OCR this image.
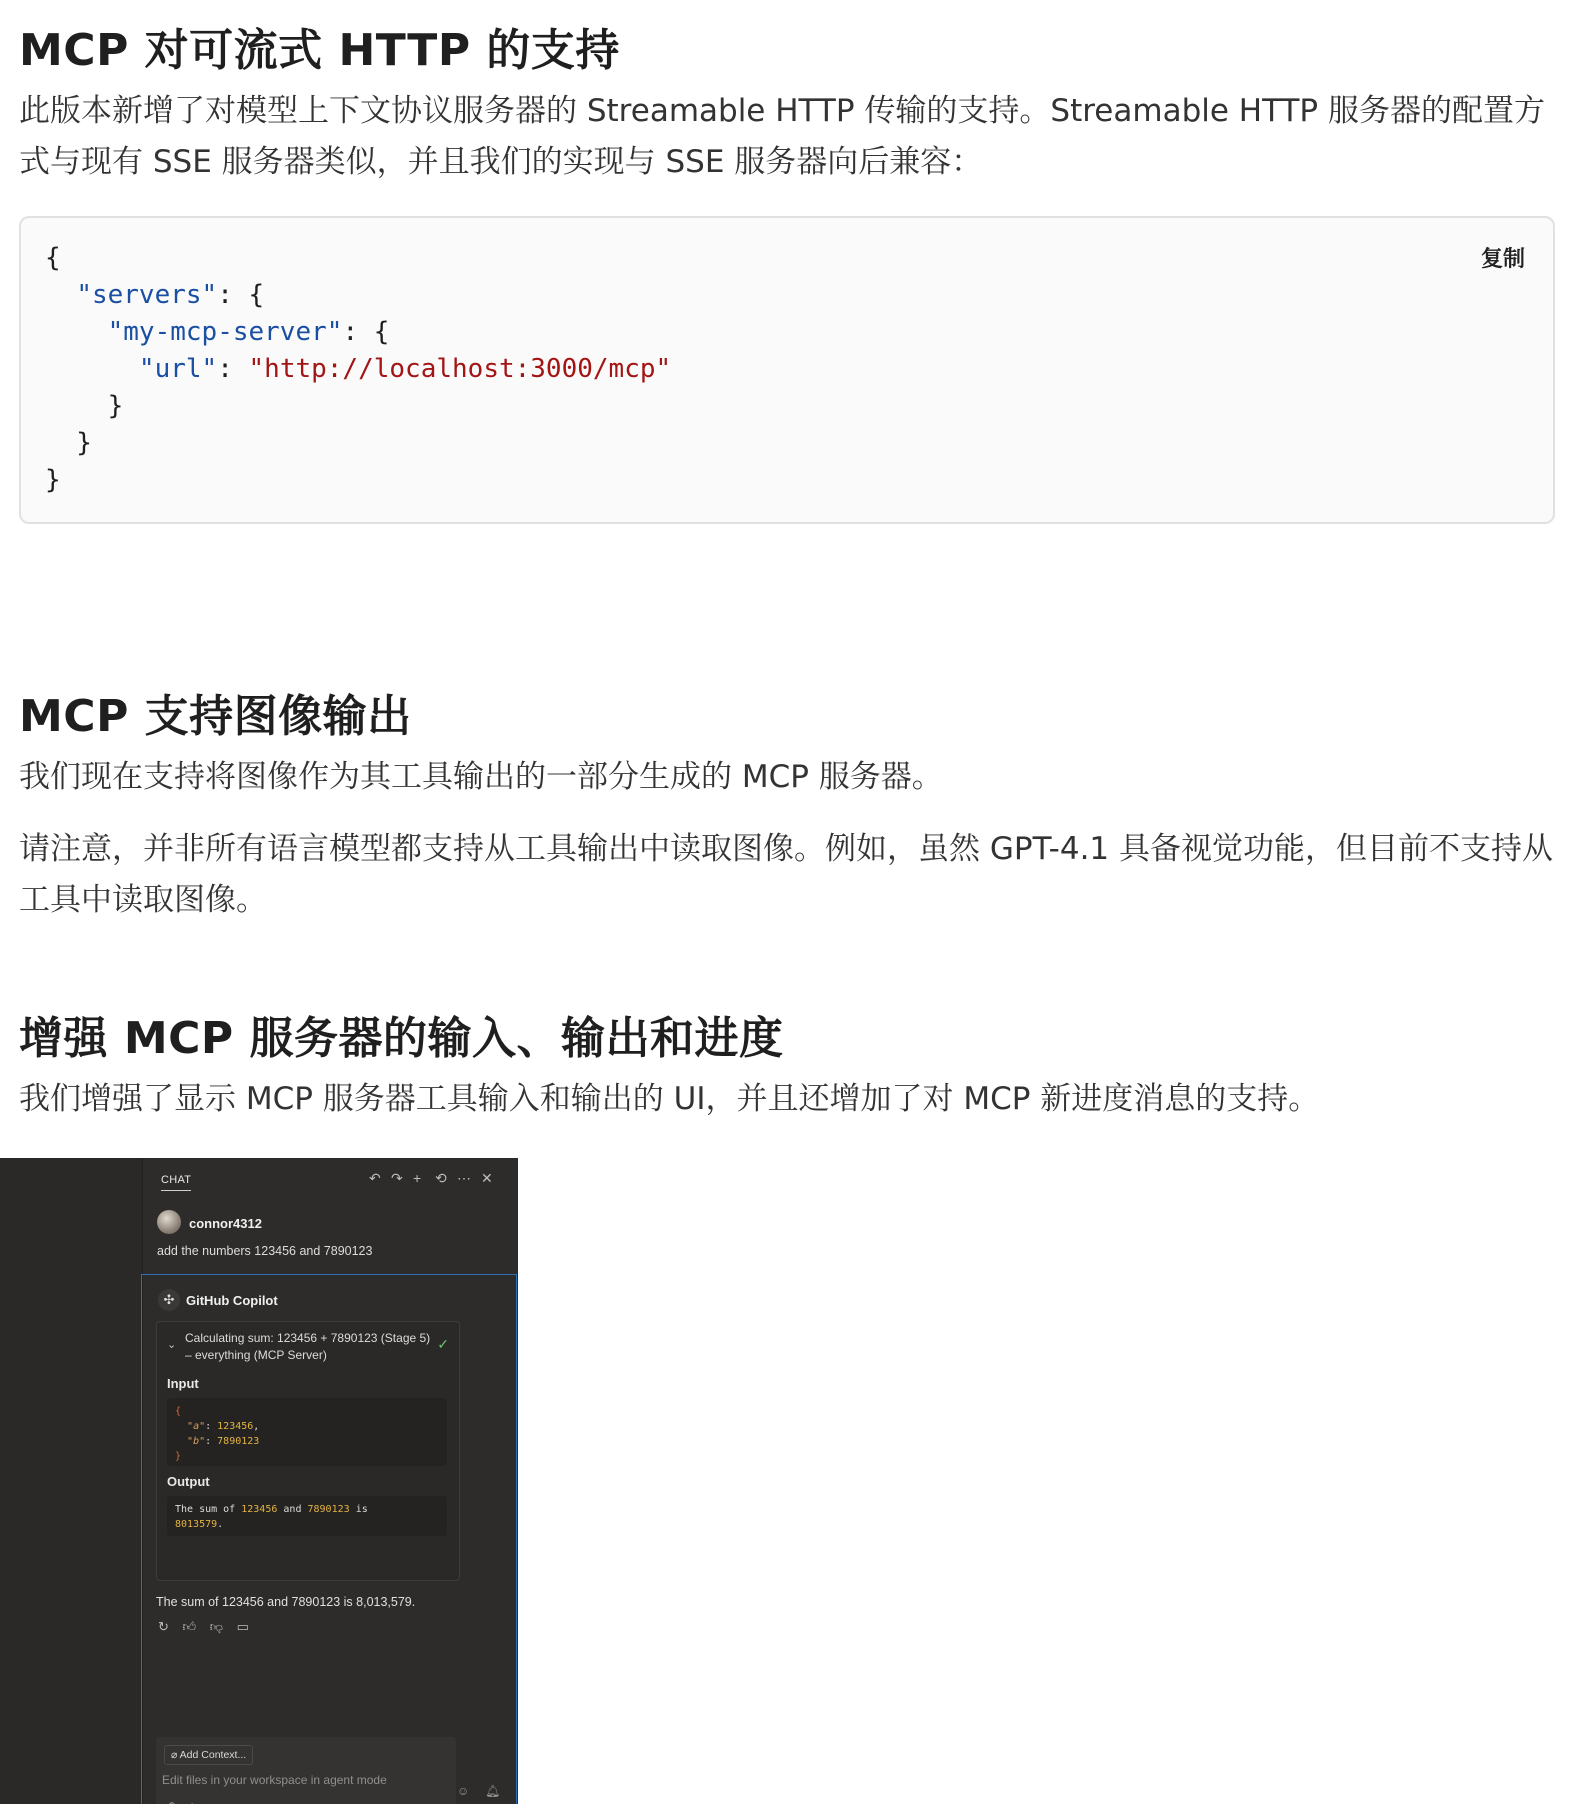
MCP 对可流式 HTTP 的支持

此版本新增了对模型上下文协议服务器的 Streamable HTTP 传输的支持。Streamable HTTP 服务器的配置方式与现有 SSE 服务器类似，并且我们的实现与 SSE 服务器向后兼容：

复制
{
"servers": {
"my-mcp-server": {
"url": "http://localhost:3000/mcp"
}
}
}
MCP 支持图像输出

我们现在支持将图像作为其工具输出的一部分生成的 MCP 服务器。

请注意，并非所有语言模型都支持从工具输出中读取图像。例如，虽然 GPT-4.1 具备视觉功能，但目前不支持从工具中读取图像。

增强 MCP 服务器的输入、输出和进度

我们增强了显示 MCP 服务器工具输入和输出的 UI，并且还增加了对 MCP 新进度消息的支持。

CHAT	↶ ↷ + ⟲ ⋯ ✕
connor4312
add the numbers 123456 and 7890123
✣ GitHub Copilot
⌄ Calculating sum: 123456 + 7890123 (Stage 5) – everything (MCP Server)
✓
Input
{
"a": 123456,
"b": 7890123
}
Output
The sum of 123456 and 7890123 is
8013579.
The sum of 123456 and 7890123 is 8,013,579.
↻ 👍︎ 👎︎ ▭
⌀ Add Context...
Edit files in your workspace in agent mode
☺ 🔔︎
